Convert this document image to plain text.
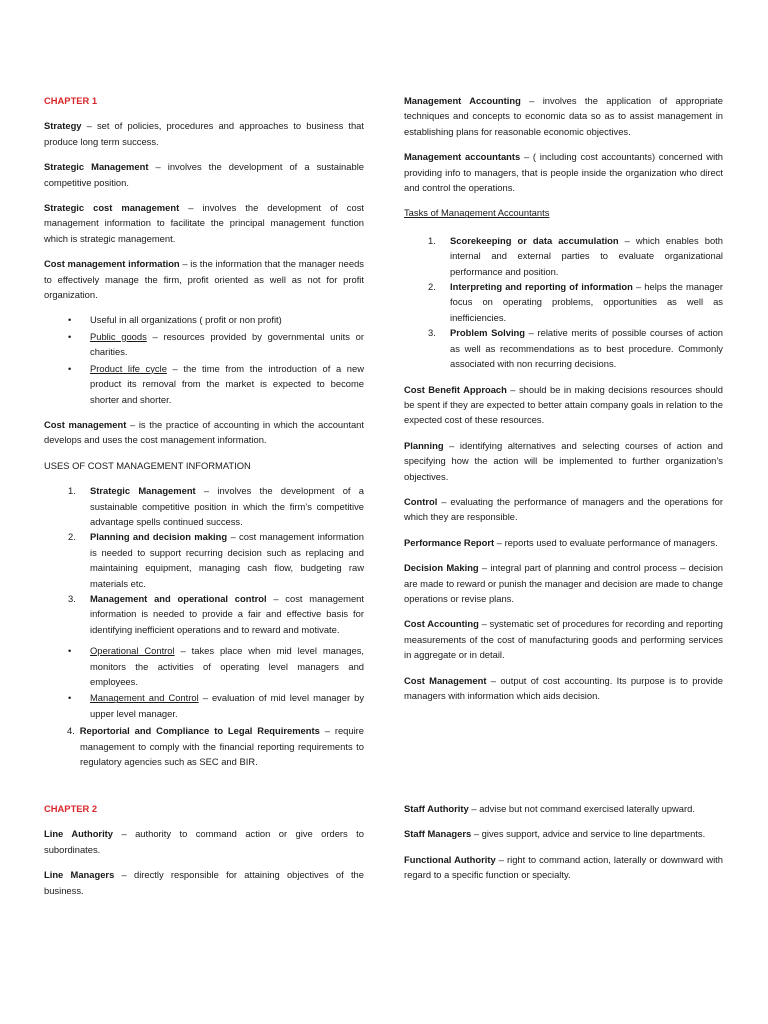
CHAPTER 1

Strategy – set of policies, procedures and approaches to business that produce long term success.

Strategic Management – involves the development of a sustainable competitive position.

Strategic cost management – involves the development of cost management information to facilitate the principal management function which is strategic management.

Cost management information – is the information that the manager needs to effectively manage the firm, profit oriented as well as not for profit organization.

• Useful in all organizations ( profit or non profit)
• Public goods – resources provided by governmental units or charities.
• Product life cycle – the time from the introduction of a new product its removal from the market is expected to become shorter and shorter.

Cost management – is the practice of accounting in which the accountant develops and uses the cost management information.

USES OF COST MANAGEMENT INFORMATION
1. Strategic Management – involves the development of a sustainable competitive position in which the firm’s competitive advantage spells continued success.
2. Planning and decision making – cost management information is needed to support recurring decision such as replacing and maintaining equipment, managing cash flow, budgeting raw materials etc.
3. Management and operational control – cost management information is needed to provide a fair and effective basis for identifying inefficient operations and to reward and motivate.
• Operational Control – takes place when mid level manages, monitors the activities of operating level managers and employees.
• Management and Control – evaluation of mid level manager by upper level manager.
4. Reportorial and Compliance to Legal Requirements – require management to comply with the financial reporting requirements to regulatory agencies such as SEC and BIR.

Management Accounting – involves the application of appropriate techniques and concepts to economic data so as to assist management in establishing plans for reasonable economic objectives.

Management accountants – ( including cost accountants) concerned with providing info to managers, that is people inside the organization who direct and control the operations.

Tasks of Management Accountants

1. Scorekeeping or data accumulation – which enables both internal and external parties to evaluate organizational performance and position.
2. Interpreting and reporting of information – helps the manager focus on operating problems, opportunities as well as inefficiencies.
3. Problem Solving – relative merits of possible courses of action as well as recommendations as to best procedure. Commonly associated with non recurring decisions.

Cost Benefit Approach – should be in making decisions resources should be spent if they are expected to better attain company goals in relation to the expected cost of these resources.

Planning – identifying alternatives and selecting courses of action and specifying how the action will be implemented to further organization’s objectives.

Control – evaluating the performance of managers and the operations for which they are responsible.

Performance Report – reports used to evaluate performance of managers.

Decision Making – integral part of planning and control process – decision are made to reward or punish the manager and decision are made to change operations or revise plans.

Cost Accounting – systematic set of procedures for recording and reporting measurements of the cost of manufacturing goods and performing services in aggregate or in detail.

Cost Management – output of cost accounting. Its purpose is to provide managers with information which aids decision.

CHAPTER 2

Line Authority – authority to command action or give orders to subordinates.

Line Managers – directly responsible for attaining objectives of the business.

Staff Authority – advise but not command exercised laterally upward.

Staff Managers – gives support, advice and service to line departments.

Functional Authority – right to command action, laterally or downward with regard to a specific function or specialty.
